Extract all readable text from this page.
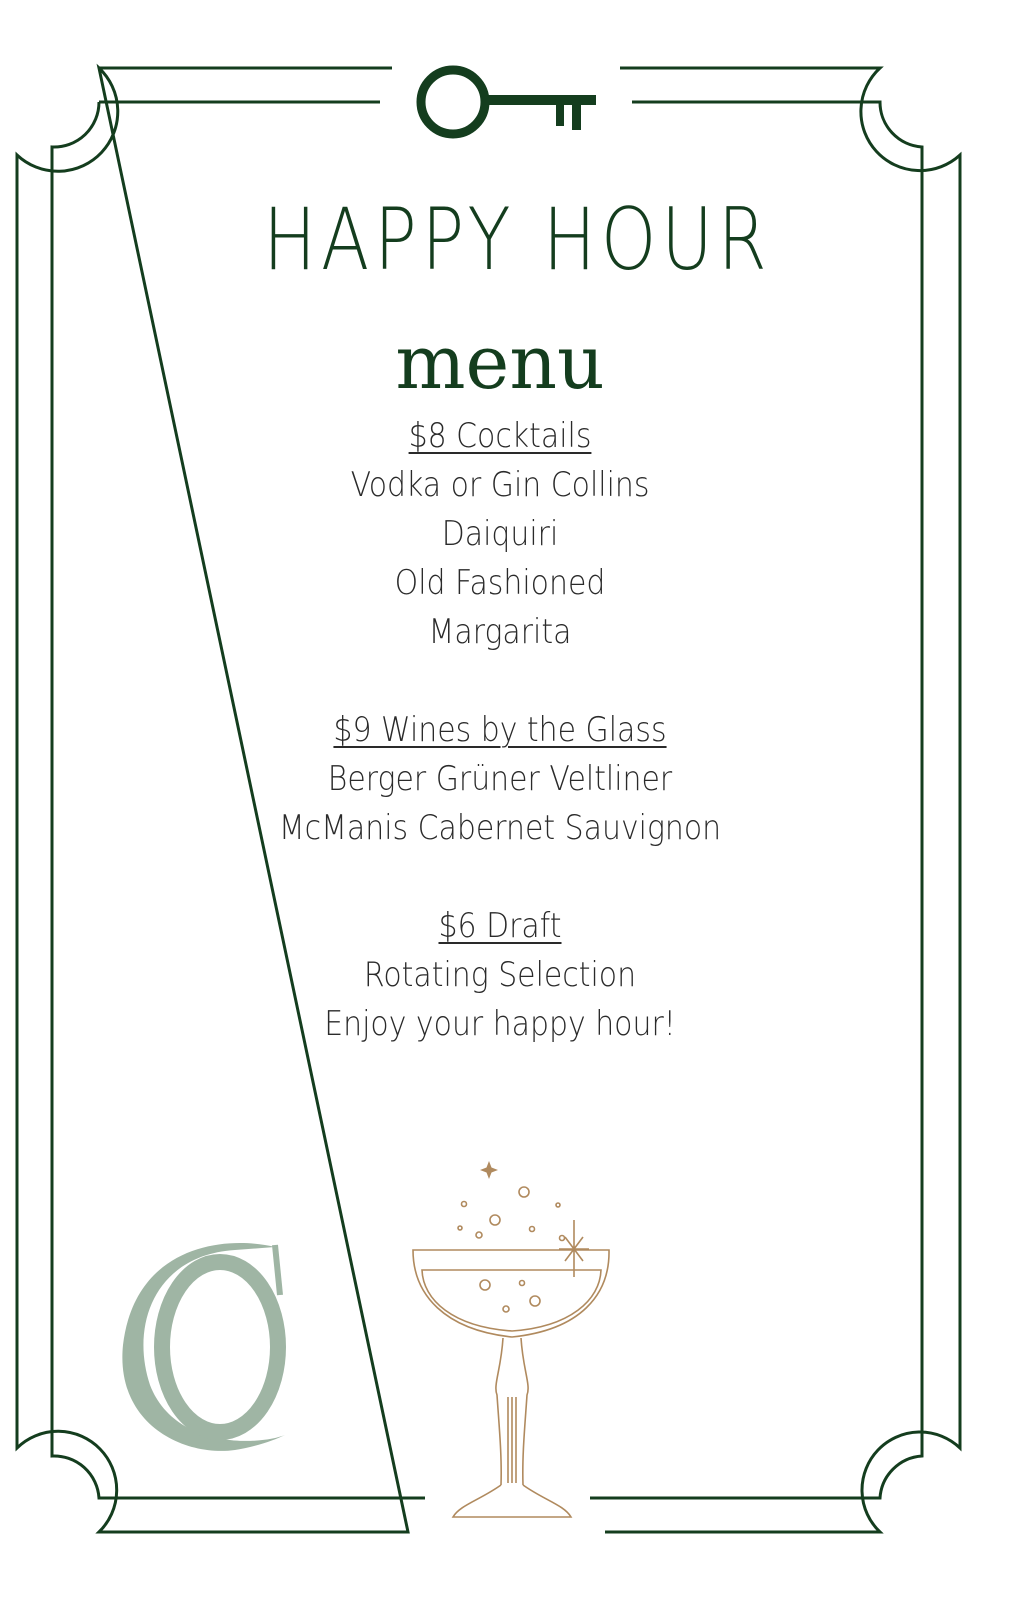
HAPPY HOUR
menu
$8 Cocktails
Vodka or Gin Collins
Daiquiri
Old Fashioned
Margarita
$9 Wines by the Glass
Berger Grüner Veltliner
McManis Cabernet Sauvignon
$6 Draft
Rotating Selection
Enjoy your happy hour!
